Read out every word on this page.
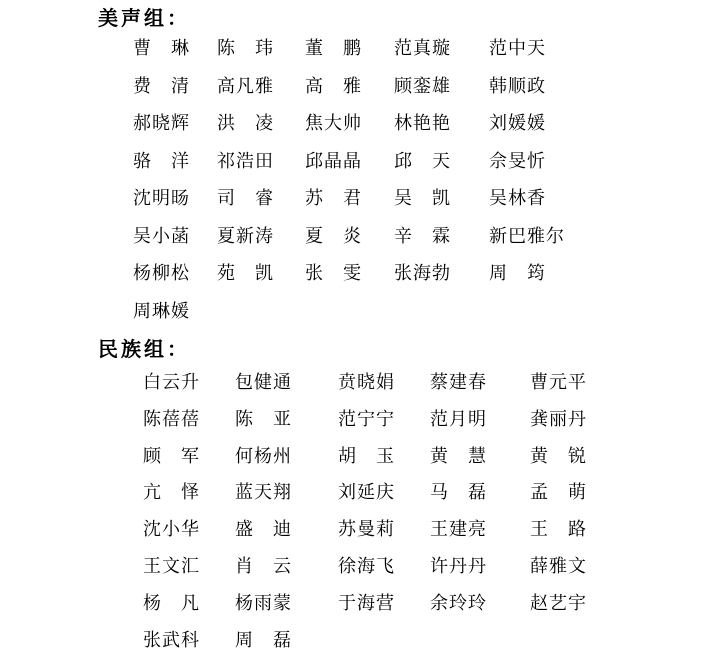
美声组：
曹　琳 陈　玮 董　鹏 范真璇 范中天
费　清 高凡雅 高　雅 顾銮雄 韩顺政
郝晓辉 洪　凌 焦大帅 林艳艳 刘媛媛
骆　洋 祁浩田 邱晶晶 邱　天 佘旻忻
沈明旸 司　睿 苏　君 吴　凯 吴林香
吴小菡 夏新涛 夏　炎 辛　霖 新巴雅尔
杨柳松 苑　凯 张　雯 张海勃 周　筠
周琳媛
民族组：
白云升 包健通	贲晓娟 蔡建春 曹元平
陈蓓蓓 陈　亚	范宁宁 范月明 龚丽丹
顾　军 何杨州	胡　玉 黄　慧 黄　锐
亢　怿 蓝天翔	刘延庆 马　磊 孟　萌
沈小华 盛　迪	苏曼莉 王建亮 王　路
王文汇 肖　云	徐海飞 许丹丹 薛雅文
杨　凡 杨雨蒙	于海营 余玲玲 赵艺宇
张武科 周　磊
